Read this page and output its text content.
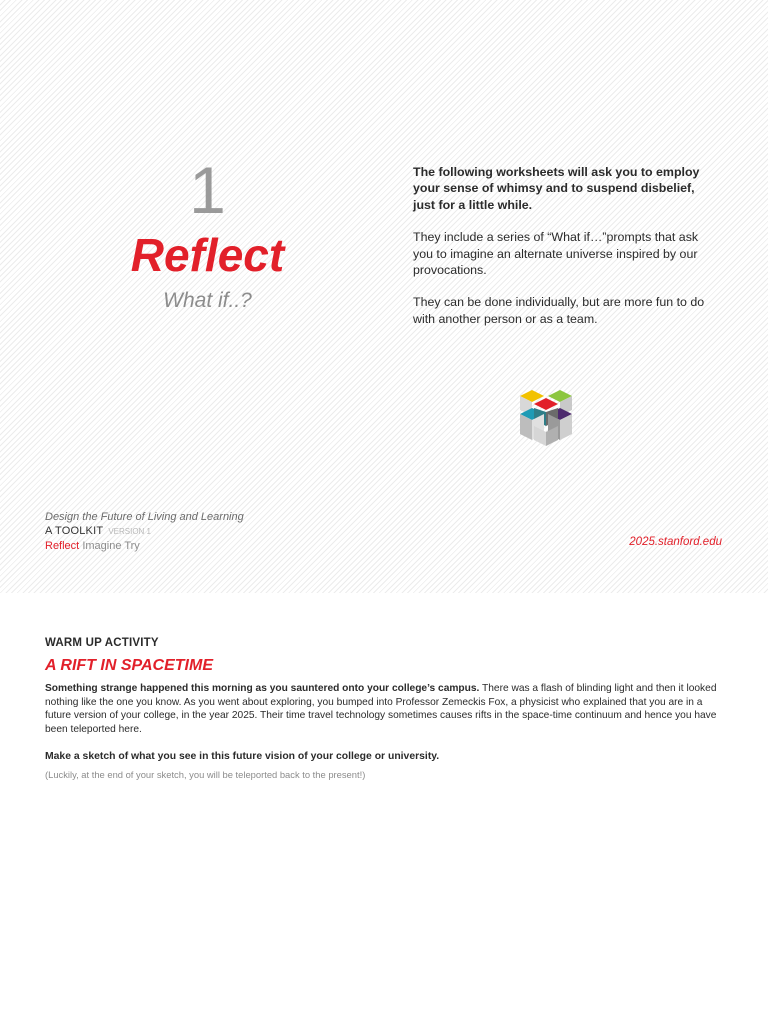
1
Reflect
What if..?

The following worksheets will ask you to employ your sense of whimsy and to suspend disbelief, just for a little while.

They include a series of “What if…”prompts that ask you to imagine an alternate universe inspired by our provocations.

They can be done individually, but are more fun to do with another person or as a team.

Design the Future of Living and Learning
A TOOLKIT VERSION 1
Reflect Imagine Try	2025.stanford.edu
WARM UP ACTIVITY
A RIFT IN SPACETIME
Something strange happened this morning as you sauntered onto your college’s campus. There was a flash of blinding light and then it looked nothing like the one you know. As you went about exploring, you bumped into Professor Zemeckis Fox, a physicist who explained that you are in a future version of your college, in the year 2025. Their time travel technology sometimes causes rifts in the space-time continuum and hence you have been teleported here.
Make a sketch of what you see in this future vision of your college or university.
(Luckily, at the end of your sketch, you will be teleported back to the present!)
